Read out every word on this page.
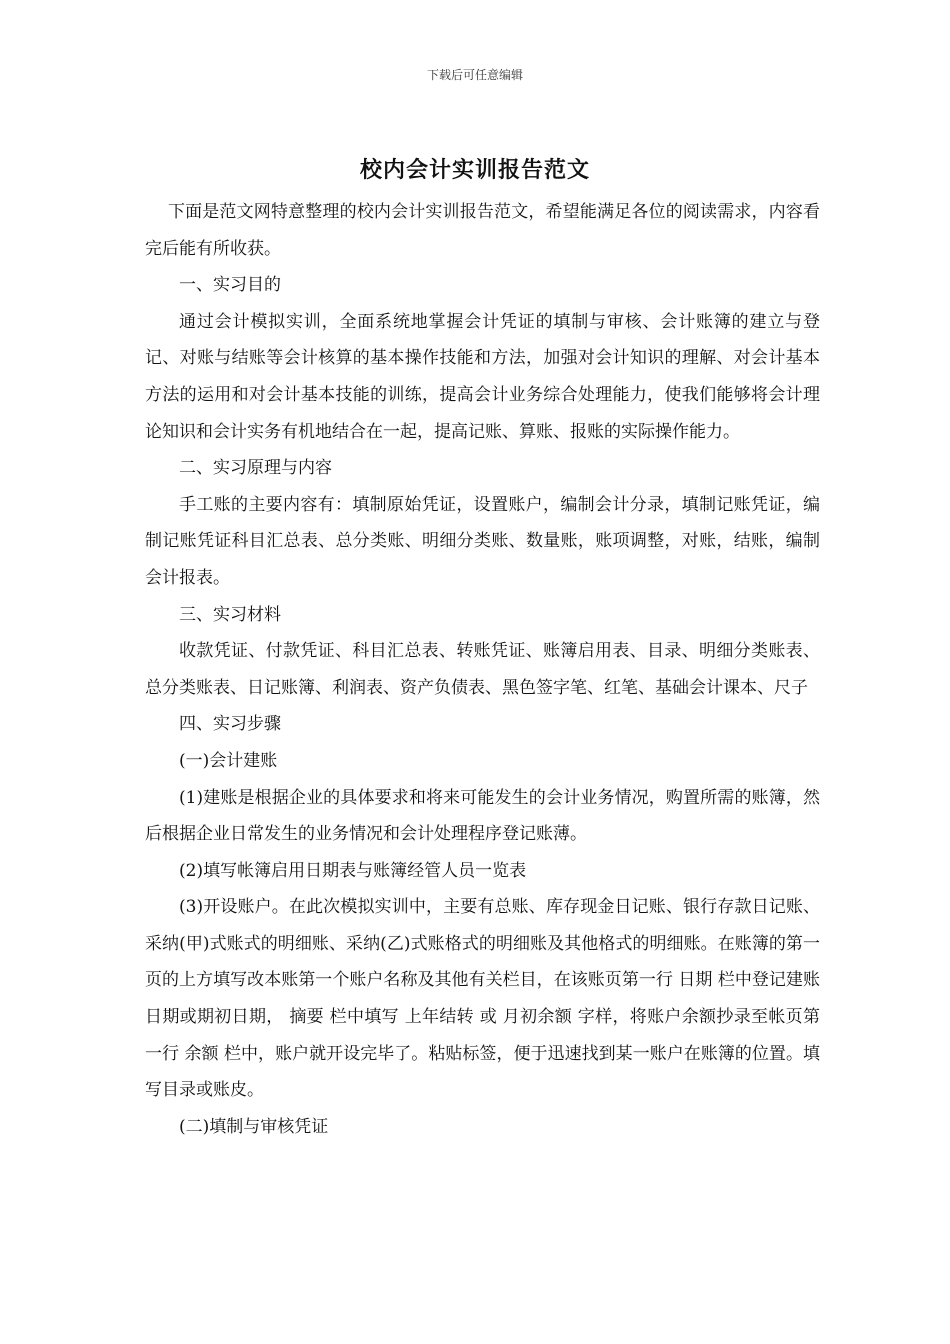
下载后可任意编辑
校内会计实训报告范文

下面是范文网特意整理的校内会计实训报告范文，希望能满足各位的阅读需求，内容看完后能有所收获。

一、实习目的

通过会计模拟实训，全面系统地掌握会计凭证的填制与审核、会计账簿的建立与登记、对账与结账等会计核算的基本操作技能和方法，加强对会计知识的理解、对会计基本方法的运用和对会计基本技能的训练，提高会计业务综合处理能力，使我们能够将会计理论知识和会计实务有机地结合在一起，提高记账、算账、报账的实际操作能力。

二、实习原理与内容

手工账的主要内容有：填制原始凭证，设置账户，编制会计分录，填制记账凭证，编制记账凭证科目汇总表、总分类账、明细分类账、数量账，账项调整，对账，结账，编制会计报表。

三、实习材料

收款凭证、付款凭证、科目汇总表、转账凭证、账簿启用表、目录、明细分类账表、总分类账表、日记账簿、利润表、资产负债表、黑色签字笔、红笔、基础会计课本、尺子

四、实习步骤

(一)会计建账

(1)建账是根据企业的具体要求和将来可能发生的会计业务情况，购置所需的账簿，然后根据企业日常发生的业务情况和会计处理程序登记账薄。

(2)填写帐簿启用日期表与账簿经管人员一览表

(3)开设账户。在此次模拟实训中，主要有总账、库存现金日记账、银行存款日记账、采纳(甲)式账式的明细账、采纳(乙)式账格式的明细账及其他格式的明细账。在账簿的第一页的上方填写改本账第一个账户名称及其他有关栏目，在该账页第一行 日期 栏中登记建账日期或期初日期， 摘要 栏中填写 上年结转 或 月初余额 字样，将账户余额抄录至帐页第一行 余额 栏中，账户就开设完毕了。粘贴标签，便于迅速找到某一账户在账簿的位置。填写目录或账皮。

(二)填制与审核凭证
